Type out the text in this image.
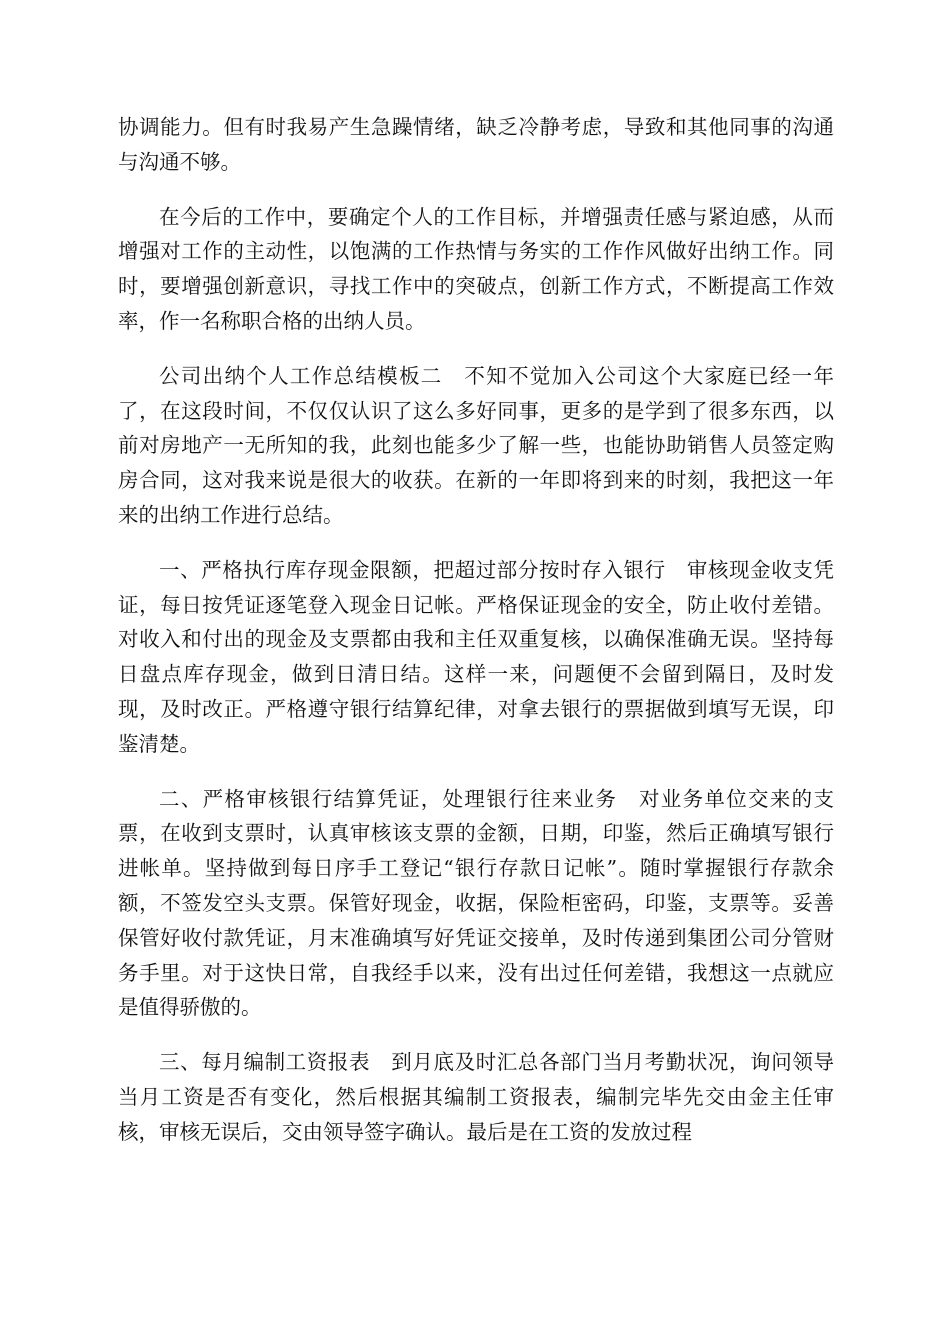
协调能力。但有时我易产生急躁情绪，缺乏冷静考虑，导致和其他同事的沟通与沟通不够。

在今后的工作中，要确定个人的工作目标，并增强责任感与紧迫感，从而增强对工作的主动性，以饱满的工作热情与务实的工作作风做好出纳工作。同时，要增强创新意识，寻找工作中的突破点，创新工作方式，不断提高工作效率，作一名称职合格的出纳人员。

公司出纳个人工作总结模板二　不知不觉加入公司这个大家庭已经一年了，在这段时间，不仅仅认识了这么多好同事，更多的是学到了很多东西，以前对房地产一无所知的我，此刻也能多少了解一些，也能协助销售人员签定购房合同，这对我来说是很大的收获。在新的一年即将到来的时刻，我把这一年来的出纳工作进行总结。

一、严格执行库存现金限额，把超过部分按时存入银行　审核现金收支凭证，每日按凭证逐笔登入现金日记帐。严格保证现金的安全，防止收付差错。对收入和付出的现金及支票都由我和主任双重复核，以确保准确无误。坚持每日盘点库存现金，做到日清日结。这样一来，问题便不会留到隔日，及时发现，及时改正。严格遵守银行结算纪律，对拿去银行的票据做到填写无误，印鉴清楚。

二、严格审核银行结算凭证，处理银行往来业务　对业务单位交来的支票，在收到支票时，认真审核该支票的金额，日期，印鉴，然后正确填写银行进帐单。坚持做到每日序手工登记“银行存款日记帐”。随时掌握银行存款余额，不签发空头支票。保管好现金，收据，保险柜密码，印鉴，支票等。妥善保管好收付款凭证，月末准确填写好凭证交接单，及时传递到集团公司分管财务手里。对于这快日常，自我经手以来，没有出过任何差错，我想这一点就应是值得骄傲的。

三、每月编制工资报表　到月底及时汇总各部门当月考勤状况，询问领导当月工资是否有变化，然后根据其编制工资报表，编制完毕先交由金主任审核，审核无误后，交由领导签字确认。最后是在工资的发放过程
